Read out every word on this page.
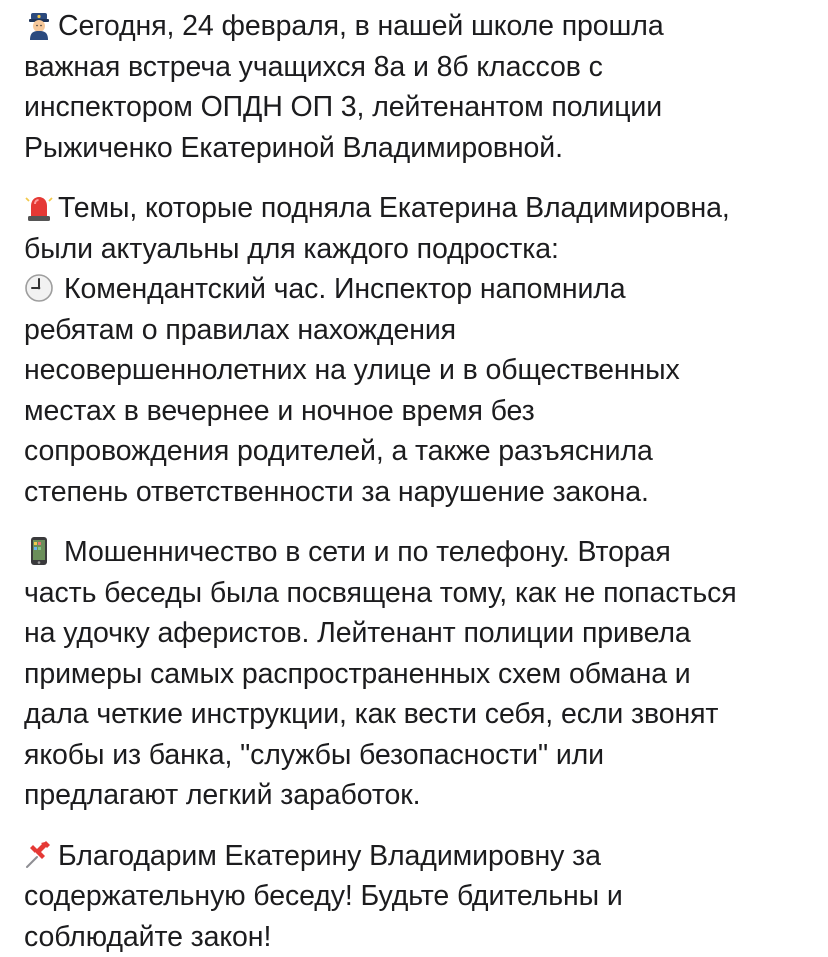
Сегодня, 24 февраля, в нашей школе прошла
важная встреча учащихся 8а и 8б классов с
инспектором ОПДН ОП 3, лейтенантом полиции
Рыжиченко Екатериной Владимировной.

Темы, которые подняла Екатерина Владимировна,
были актуальны для каждого подростка:

Комендантский час. Инспектор напомнила
ребятам о правилах нахождения
несовершеннолетних на улице и в общественных
местах в вечернее и ночное время без
сопровождения родителей, а также разъяснила
степень ответственности за нарушение закона.

Мошенничество в сети и по телефону. Вторая
часть беседы была посвящена тому, как не попасться
на удочку аферистов. Лейтенант полиции привела
примеры самых распространенных схем обмана и
дала четкие инструкции, как вести себя, если звонят
якобы из банка, "службы безопасности" или
предлагают легкий заработок.

Благодарим Екатерину Владимировну за
содержательную беседу! Будьте бдительны и
соблюдайте закон!
